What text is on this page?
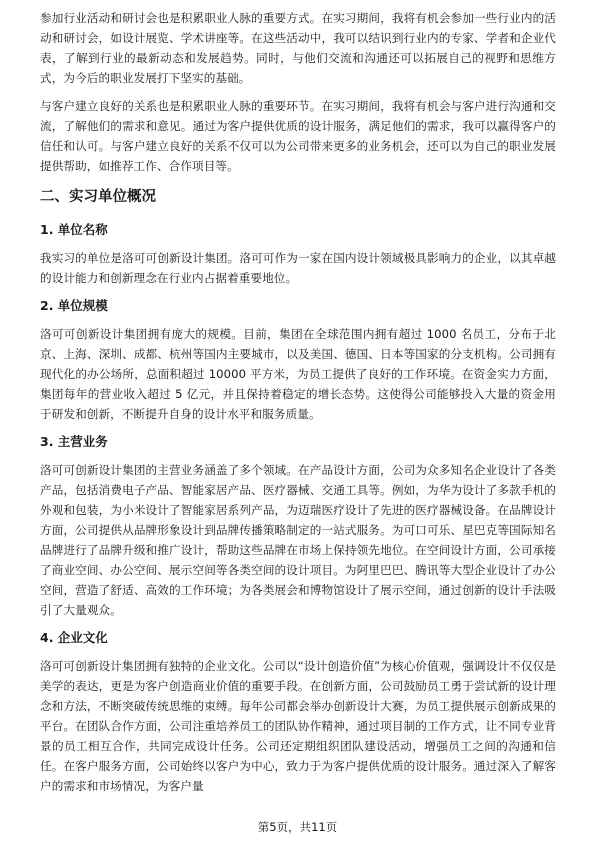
参加行业活动和研讨会也是积累职业人脉的重要方式。在实习期间，我将有机会参加一些行业内的活动和研讨会，如设计展览、学术讲座等。在这些活动中，我可以结识到行业内的专家、学者和企业代表，了解到行业的最新动态和发展趋势。同时，与他们交流和沟通还可以拓展自己的视野和思维方式，为今后的职业发展打下坚实的基础。

与客户建立良好的关系也是积累职业人脉的重要环节。在实习期间，我将有机会与客户进行沟通和交流，了解他们的需求和意见。通过为客户提供优质的设计服务，满足他们的需求，我可以赢得客户的信任和认可。与客户建立良好的关系不仅可以为公司带来更多的业务机会，还可以为自己的职业发展提供帮助，如推荐工作、合作项目等。

二、实习单位概况
1. 单位名称

我实习的单位是洛可可创新设计集团。洛可可作为一家在国内设计领域极具影响力的企业，以其卓越的设计能力和创新理念在行业内占据着重要地位。

2. 单位规模

洛可可创新设计集团拥有庞大的规模。目前，集团在全球范围内拥有超过 1000 名员工，分布于北京、上海、深圳、成都、杭州等国内主要城市，以及美国、德国、日本等国家的分支机构。公司拥有现代化的办公场所，总面积超过 10000 平方米，为员工提供了良好的工作环境。在资金实力方面，集团每年的营业收入超过 5 亿元，并且保持着稳定的增长态势。这使得公司能够投入大量的资金用于研发和创新，不断提升自身的设计水平和服务质量。

3. 主营业务

洛可可创新设计集团的主营业务涵盖了多个领域。在产品设计方面，公司为众多知名企业设计了各类产品，包括消费电子产品、智能家居产品、医疗器械、交通工具等。例如，为华为设计了多款手机的外观和包装，为小米设计了智能家居系列产品，为迈瑞医疗设计了先进的医疗器械设备。在品牌设计方面，公司提供从品牌形象设计到品牌传播策略制定的一站式服务。为可口可乐、星巴克等国际知名品牌进行了品牌升级和推广设计，帮助这些品牌在市场上保持领先地位。在空间设计方面，公司承接了商业空间、办公空间、展示空间等各类空间的设计项目。为阿里巴巴、腾讯等大型企业设计了办公空间，营造了舒适、高效的工作环境；为各类展会和博物馆设计了展示空间，通过创新的设计手法吸引了大量观众。

4. 企业文化

洛可可创新设计集团拥有独特的企业文化。公司以“设计创造价值”为核心价值观，强调设计不仅仅是美学的表达，更是为客户创造商业价值的重要手段。在创新方面，公司鼓励员工勇于尝试新的设计理念和方法，不断突破传统思维的束缚。每年公司都会举办创新设计大赛，为员工提供展示创新成果的平台。在团队合作方面，公司注重培养员工的团队协作精神，通过项目制的工作方式，让不同专业背景的员工相互合作，共同完成设计任务。公司还定期组织团队建设活动，增强员工之间的沟通和信任。在客户服务方面，公司始终以客户为中心，致力于为客户提供优质的设计服务。通过深入了解客户的需求和市场情况，为客户量

第5页，共11页
